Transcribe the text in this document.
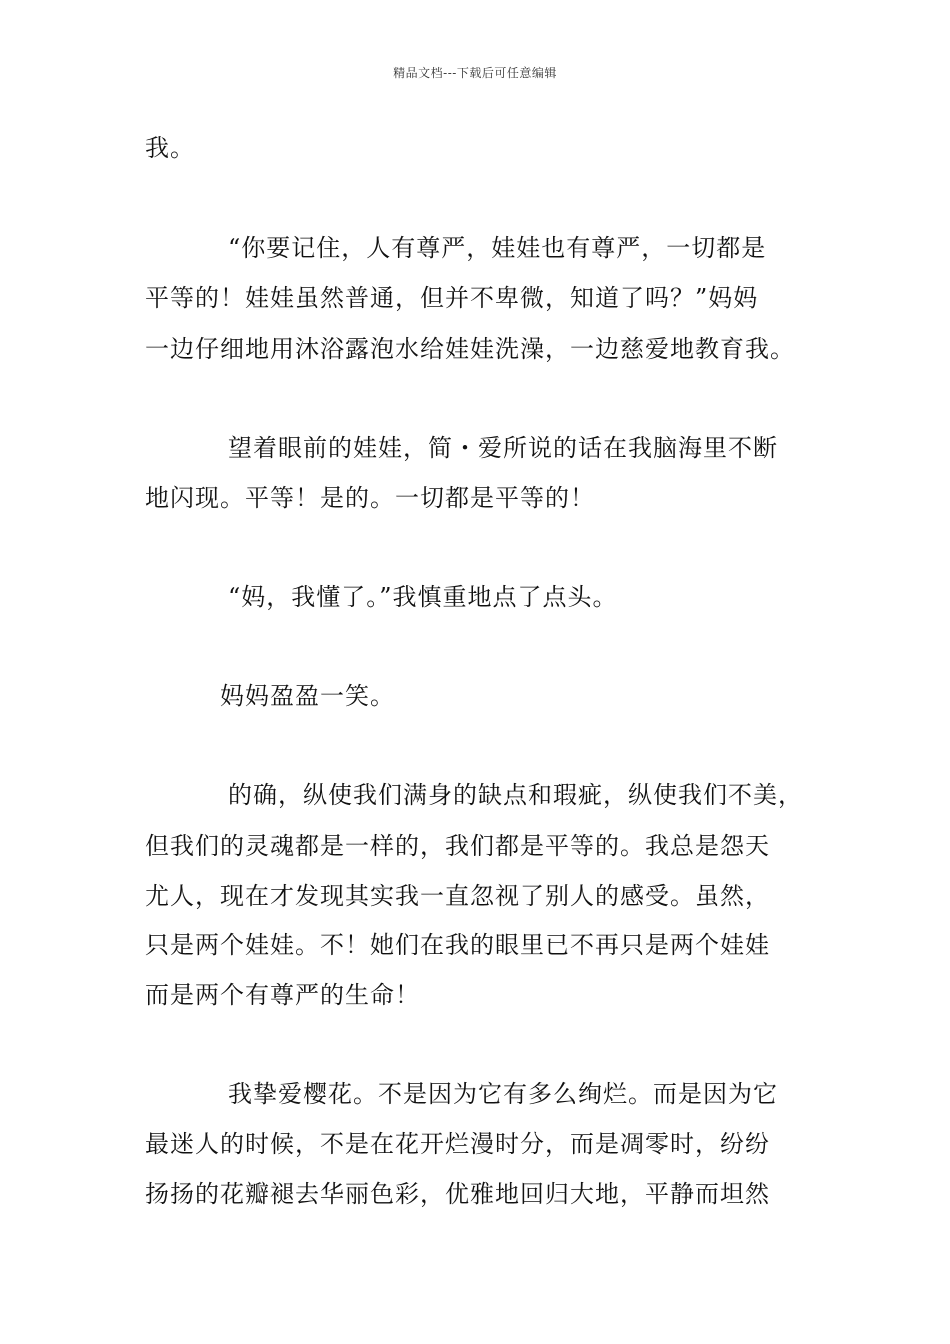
精品文档---下载后可任意编辑
我。
“你要记住，人有尊严，娃娃也有尊严，一切都是
平等的！娃娃虽然普通，但并不卑微，知道了吗？”妈妈
一边仔细地用沐浴露泡水给娃娃洗澡，一边慈爱地教育我。
望着眼前的娃娃，简・爱所说的话在我脑海里不断
地闪现。平等！是的。一切都是平等的！
“妈，我懂了。”我慎重地点了点头。
妈妈盈盈一笑。
的确，纵使我们满身的缺点和瑕疵，纵使我们不美，
但我们的灵魂都是一样的，我们都是平等的。我总是怨天
尤人，现在才发现其实我一直忽视了别人的感受。虽然，
只是两个娃娃。不！她们在我的眼里已不再只是两个娃娃
而是两个有尊严的生命！
我挚爱樱花。不是因为它有多么绚烂。而是因为它
最迷人的时候，不是在花开烂漫时分，而是凋零时，纷纷
扬扬的花瓣褪去华丽色彩，优雅地回归大地，平静而坦然
